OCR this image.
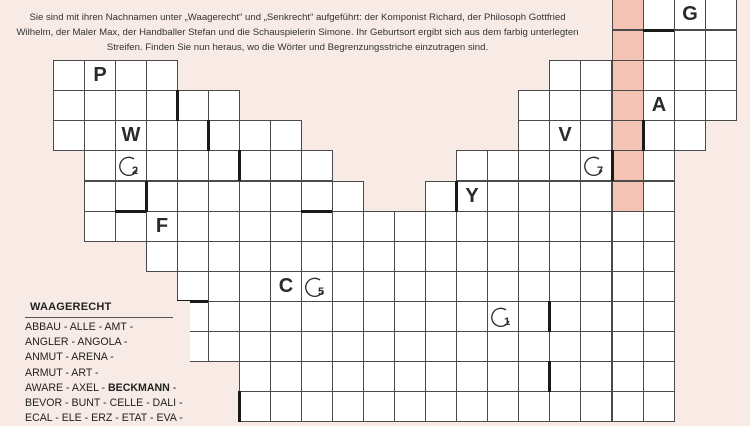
Sie sind mit ihren Nachnamen unter „Waagerecht“ und „Senkrecht“ aufgeführt: der Komponist Richard, der Philosoph Gottfried Wilhelm, der Maler Max, der Handballer Stefan und die Schauspielerin Simone. Ihr Geburtsort ergibt sich aus dem farbig unterlegten Streifen. Finden Sie nun heraus, wo die Wörter und Begrenzungsstriche einzutragen sind.
G
P
A
W	V
Y
F
C
2
5
1
7
WAAGERECHT
ABBAU - ALLE - AMT -
ANGLER - ANGOLA -
ANMUT - ARENA -
ARMUT - ART -
AWARE - AXEL - BECKMANN -
BEVOR - BUNT - CELLE - DALI -
ECAL - ELE - ERZ - ETAT - EVA -
